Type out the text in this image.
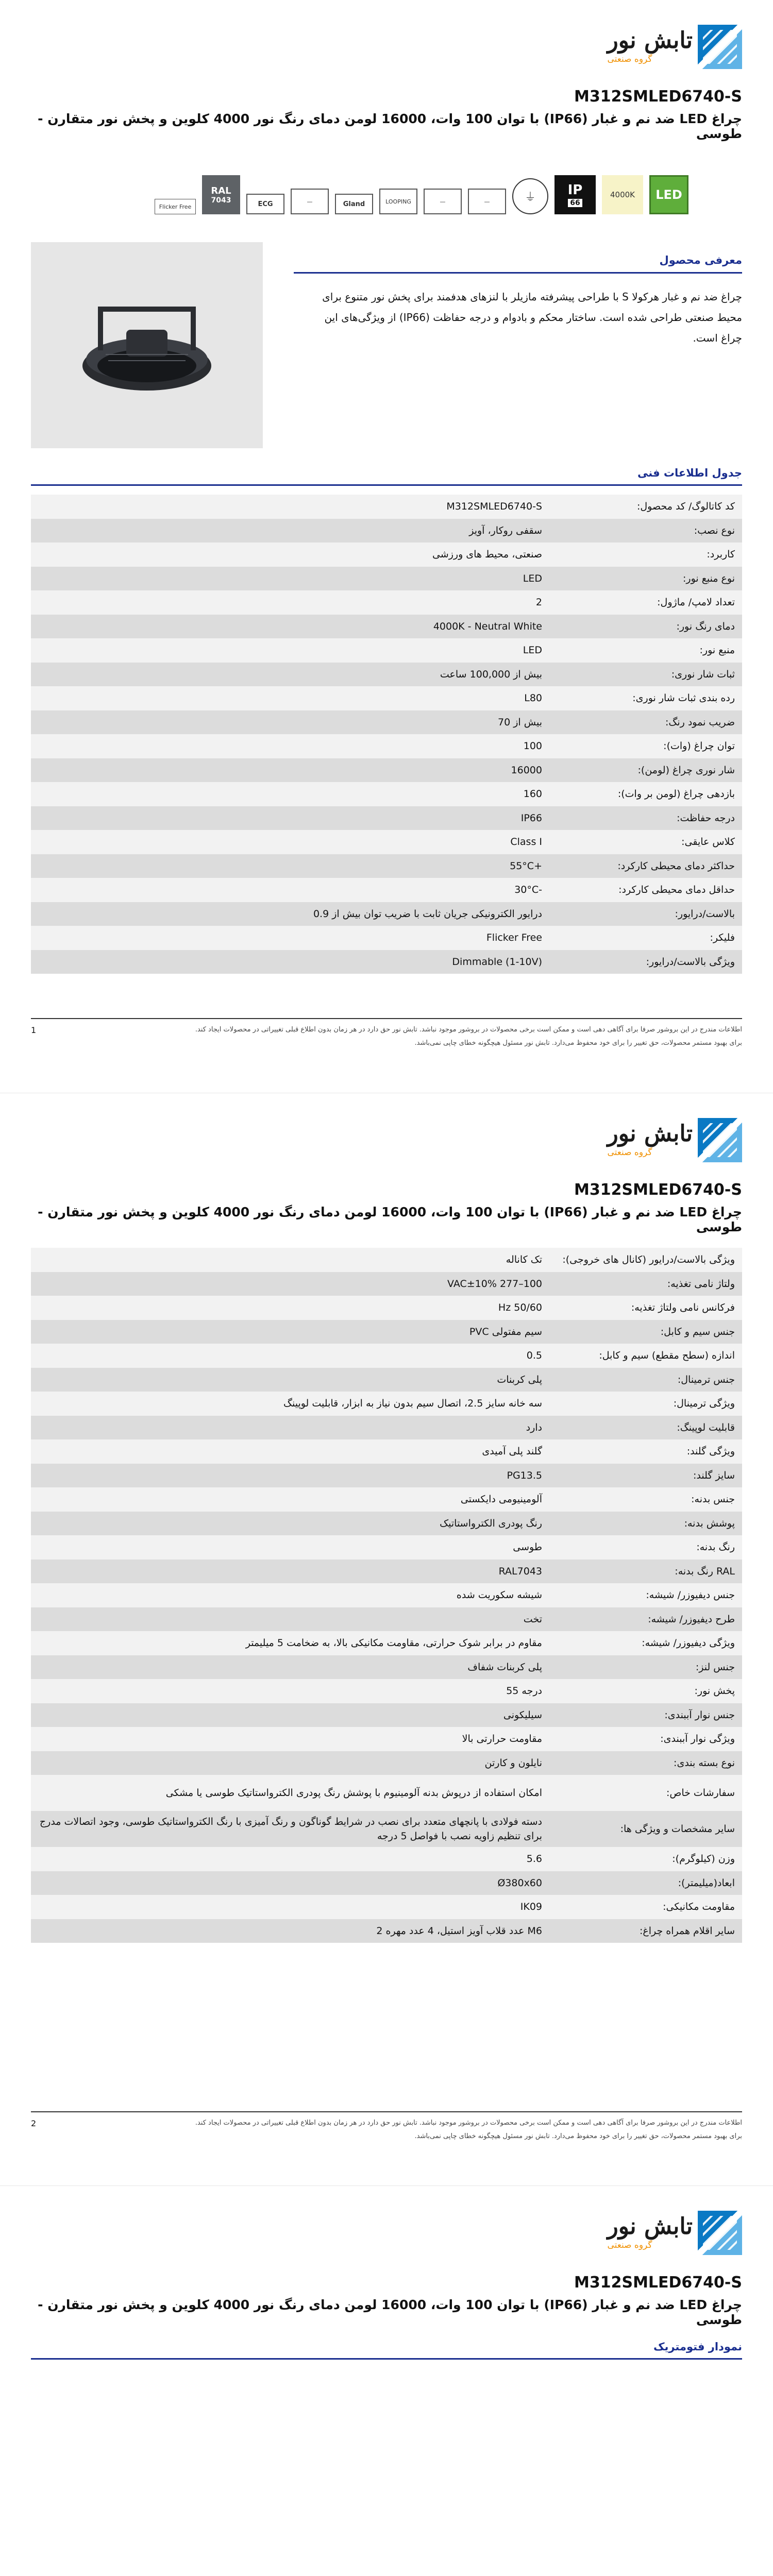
تابش نور
گروه صنعتی
M312SMLED6740-S
چراغ LED ضد نم و غبار (IP66) با توان 100 وات، 16000 لومن دمای رنگ نور 4000 کلوین و پخش نور متقارن - طوسی
Flicker Free
RAL
7043	ECG	—	Gland	LOOPING	—	—	⏚	IP
66
4000K	LED
معرفی محصول
چراغ ضد نم و غبار هرکولا S با طراحی پیشرفته مازیلر با لنزهای هدفمند برای پخش نور متنوع برای محیط صنعتی طراحی شده است. ساختار محکم و بادوام و درجه حفاظت (IP66) از ویژگی‌های این چراغ است.
جدول اطلاعات فنی
کد کاتالوگ/ کد محصول:
M312SMLED6740-S
نوع نصب:
سقفی روکار، آویز
کاربرد:
صنعتی، محیط های ورزشی
نوع منبع نور:
LED
تعداد لامپ/ ماژول:
2
دمای رنگ نور:
4000K - Neutral White
منبع نور:
LED
ثبات شار نوری:
بیش از 100,000 ساعت
رده بندی ثبات شار نوری:
L80
ضریب نمود رنگ:
بیش از 70
توان چراغ (وات):
100
شار نوری چراغ (لومن):
16000
بازدهی چراغ (لومن بر وات):
160
درجه حفاظت:
IP66
کلاس عایقی:
Class I
حداکثر دمای محیطی کارکرد:
+55°C
حداقل دمای محیطی کارکرد:
-30°C
بالاست/درایور:
درایور الکترونیکی جریان ثابت با ضریب توان بیش از 0.9
فلیکر:
Flicker Free
ویژگی بالاست/درایور:
Dimmable (1-10V)
اطلاعات مندرج در این بروشور صرفا برای آگاهی دهی است و ممکن است برخی محصولات در بروشور موجود نباشد. تابش نور حق دارد در هر زمان بدون اطلاع قبلی تغییراتی در محصولات ایجاد کند.
برای بهبود مستمر محصولات، حق تغییر را برای خود محفوظ می‌دارد. تابش نور مسئول هیچگونه خطای چاپی نمی‌باشد.
1
تابش نور
گروه صنعتی
M312SMLED6740-S
چراغ LED ضد نم و غبار (IP66) با توان 100 وات، 16000 لومن دمای رنگ نور 4000 کلوین و پخش نور متقارن - طوسی
ویژگی بالاست/درایور (کانال های خروجی):
تک کاناله
ولتاژ نامی تغذیه:
100–277 VAC±10%
فرکانس نامی ولتاژ تغذیه:
50/60 Hz
جنس سیم و کابل:
سیم مفتولی PVC
اندازه (سطح مقطع) سیم و کابل:
0.5
جنس ترمینال:
پلی کربنات
ویژگی ترمینال:
سه خانه سایز 2.5، اتصال سیم بدون نیاز به ابزار، قابلیت لوپینگ
قابلیت لوپینگ:
دارد
ویژگی گلند:
گلند پلی آمیدی
سایز گلند:
PG13.5
جنس بدنه:
آلومینیومی دایکستی
پوشش بدنه:
رنگ پودری الکترواستاتیک
رنگ بدنه:
طوسی
RAL رنگ بدنه:
RAL7043
جنس دیفیوزر/ شیشه:
شیشه سکوریت شده
طرح دیفیوزر/ شیشه:
تخت
ویژگی دیفیوزر/ شیشه:
مقاوم در برابر شوک حرارتی، مقاومت مکانیکی بالا، به ضخامت 5 میلیمتر
جنس لنز:
پلی کربنات شفاف
پخش نور:
درجه 55
جنس نوار آببندی:
سیلیکونی
ویژگی نوار آببندی:
مقاومت حرارتی بالا
نوع بسته بندی:
نایلون و کارتن
سفارشات خاص:
امکان استفاده از درپوش بدنه آلومینیوم با پوشش رنگ پودری الکترواستاتیک طوسی یا مشکی
سایر مشخصات و ویژگی ها:
دسته فولادی با پانچهای متعدد برای نصب در شرایط گوناگون و رنگ آمیزی با رنگ الکترواستاتیک طوسی، وجود اتصالات مدرج برای تنظیم زاویه نصب با فواصل 5 درجه
وزن (کیلوگرم):
5.6
ابعاد(میلیمتر):
Ø380x60
مقاومت مکانیکی:
IK09
سایر اقلام همراه چراغ:
M6 عدد قلاب آویز استیل، 4 عدد مهره 2
اطلاعات مندرج در این بروشور صرفا برای آگاهی دهی است و ممکن است برخی محصولات در بروشور موجود نباشد. تابش نور حق دارد در هر زمان بدون اطلاع قبلی تغییراتی در محصولات ایجاد کند.
برای بهبود مستمر محصولات، حق تغییر را برای خود محفوظ می‌دارد. تابش نور مسئول هیچگونه خطای چاپی نمی‌باشد.
2
تابش نور
گروه صنعتی
M312SMLED6740-S
چراغ LED ضد نم و غبار (IP66) با توان 100 وات، 16000 لومن دمای رنگ نور 4000 کلوین و پخش نور متقارن - طوسی
نمودار فتومتریک
